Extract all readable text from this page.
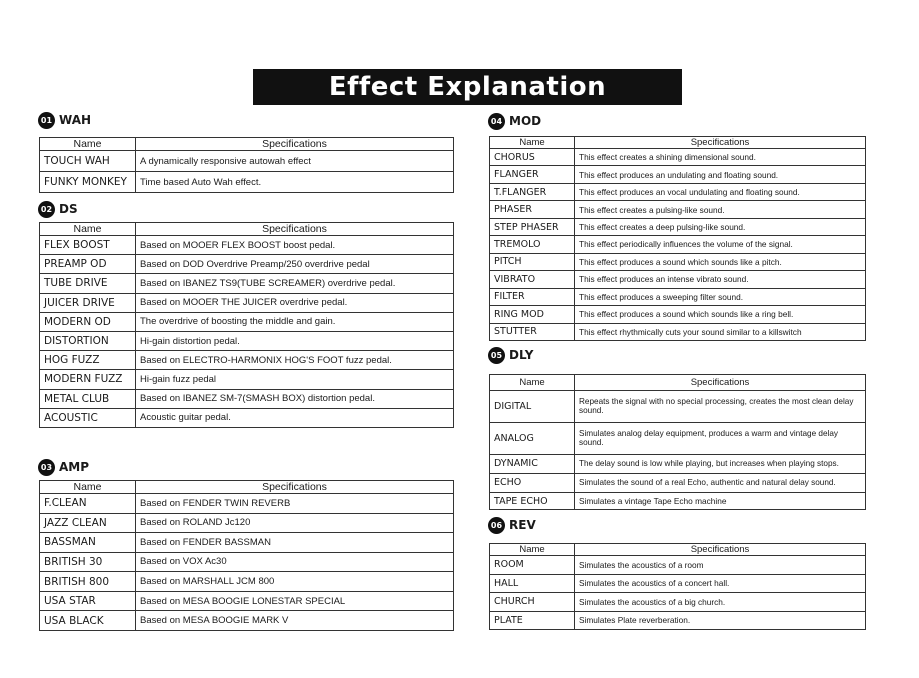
Effect Explanation
01 WAH
Name	Specifications
TOUCH WAH	A dynamically responsive autowah effect
FUNKY MONKEY	Time based Auto Wah effect.
02 DS
Name	Specifications
FLEX BOOST	Based on MOOER FLEX BOOST boost pedal.
PREAMP OD	Based on DOD Overdrive Preamp/250 overdrive pedal
TUBE DRIVE	Based on IBANEZ TS9(TUBE SCREAMER) overdrive pedal.
JUICER DRIVE	Based on MOOER THE JUICER overdrive pedal.
MODERN OD	The overdrive of boosting the middle and gain.
DISTORTION	Hi-gain distortion pedal.
HOG FUZZ	Based on ELECTRO-HARMONIX HOG'S FOOT fuzz pedal.
MODERN FUZZ	Hi-gain fuzz pedal
METAL CLUB	Based on IBANEZ SM-7(SMASH BOX) distortion pedal.
ACOUSTIC	Acoustic guitar pedal.
03 AMP
Name	Specifications
F.CLEAN	Based on FENDER TWIN REVERB
JAZZ CLEAN	Based on ROLAND Jc120
BASSMAN	Based on FENDER BASSMAN
BRITISH 30	Based on VOX Ac30
BRITISH 800	Based on MARSHALL JCM 800
USA STAR	Based on MESA BOOGIE LONESTAR SPECIAL
USA BLACK	Based on MESA BOOGIE MARK V
04 MOD
Name	Specifications
CHORUS	This effect creates a shining dimensional sound.
FLANGER	This effect produces an undulating and floating sound.
T.FLANGER	This effect produces an vocal undulating and floating sound.
PHASER	This effect creates a pulsing-like sound.
STEP PHASER	This effect creates a deep pulsing-like sound.
TREMOLO	This effect periodically influences the volume of the signal.
PITCH	This effect produces a sound which sounds like a pitch.
VIBRATO	This effect produces an intense vibrato sound.
FILTER	This effect produces a sweeping filter sound.
RING MOD	This effect produces a sound which sounds like a ring bell.
STUTTER	This effect rhythmically cuts your sound similar to a killswitch
05 DLY
Name	Specifications
DIGITAL	Repeats the signal with no special processing, creates the most clean delay sound.
ANALOG	Simulates analog delay equipment, produces a warm and vintage delay sound.
DYNAMIC	The delay sound is low while playing, but increases when playing stops.
ECHO	Simulates the sound of a real Echo, authentic and natural delay sound.
TAPE ECHO	Simulates a vintage Tape Echo machine
06 REV
Name	Specifications
ROOM	Simulates the acoustics of a room
HALL	Simulates the acoustics of a concert hall.
CHURCH	Simulates the acoustics of a big church.
PLATE	Simulates Plate reverberation.
